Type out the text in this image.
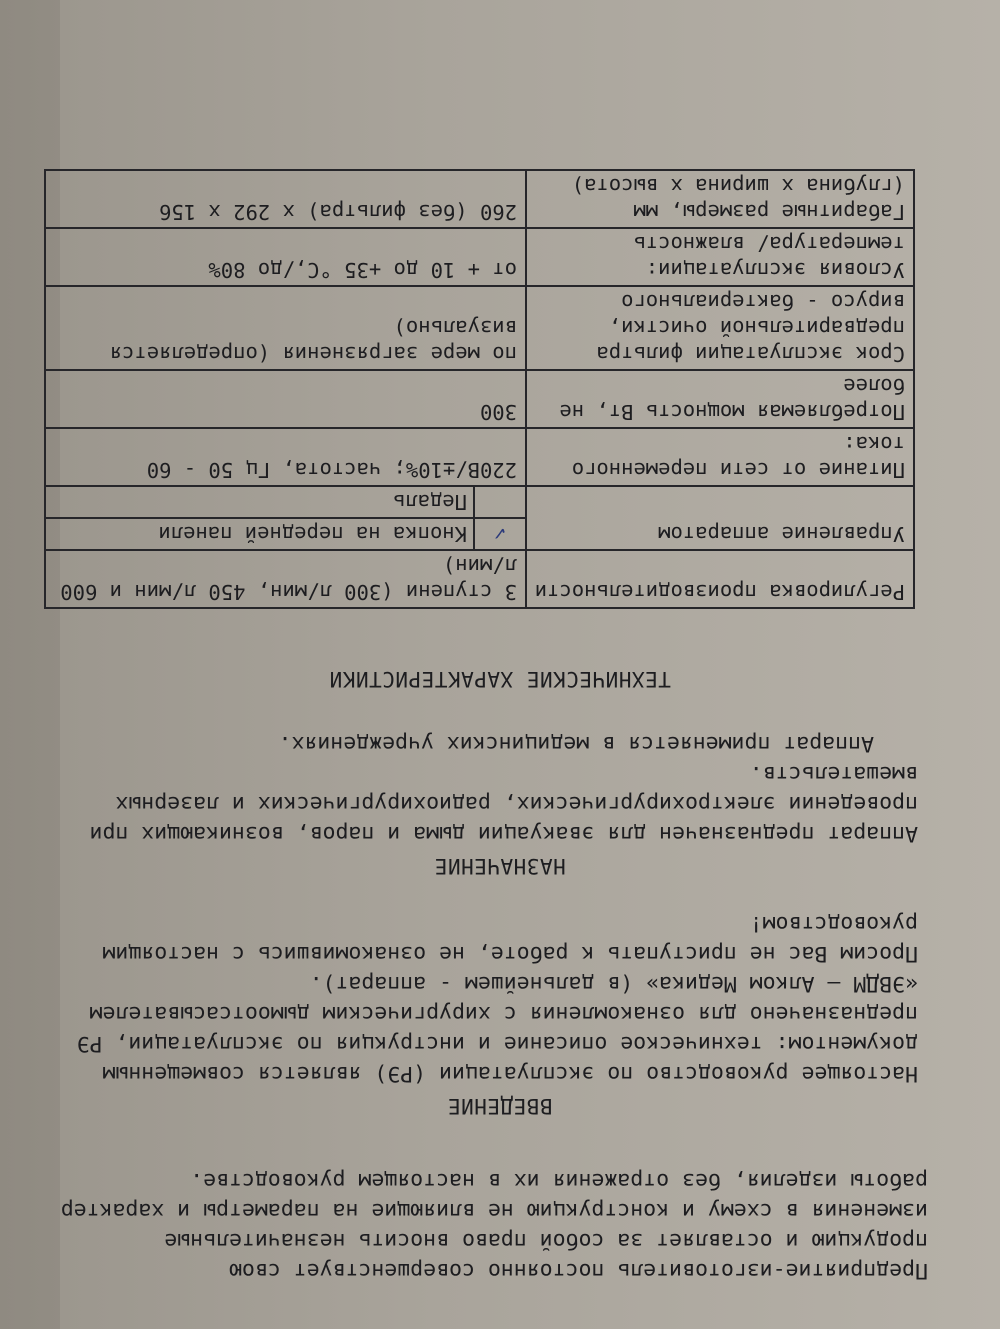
Предприятие-изготовитель постоянно совершенствует свою
продукцию и оставляет за собой право вносить незначительные
изменения в схему и конструкцию не влияющие на параметры и характер
работы изделия, без отражения их в настоящем руководстве.
ВВЕДЕНИЕ
Настоящее руководство по эксплуатации (РЭ) является совмещенным
документом: техническое описание и инструкция по эксплуатации, РЭ
предназначено для ознакомления с хирургическим дымоотсасывателем
«ЭВДМ – Алком Медика» (в дальнейшем - аппарат).
Просим Вас не приступать к работе, не ознакомившись с настоящим
руководством!
НАЗНАЧЕНИЕ
Аппарат предназначен для эвакуации дыма и паров, возникающих при
проведении электрохирургических, радиохирургических и лазерных
вмешательств.
Аппарат применяется в медицинских учреждениях.
ТЕХНИЧЕСКИЕ ХАРАКТЕРИСТИКИ
Регулировка производительности	3 ступени (300 л/мин, 450 л/мин и 600 л/мин)
Управление аппаратом	
✓	Кнопка на передней панели
	Педаль

Питание от сети переменного тока:	220В/±10%; частота, Гц 50 - 60
Потребляемая мощность Вт, не более	300
Срок эксплуатации фильтра предварительной очистки, вирусо - бактериального	по мере загрязнения (определяется визуально)
Условия эксплуатации: температура/ влажность	от + 10 до +35 °С,/до 80%
Габаритные размеры, мм (глубина х ширина х высота)	260 (без фильтра) х 292 х 156
